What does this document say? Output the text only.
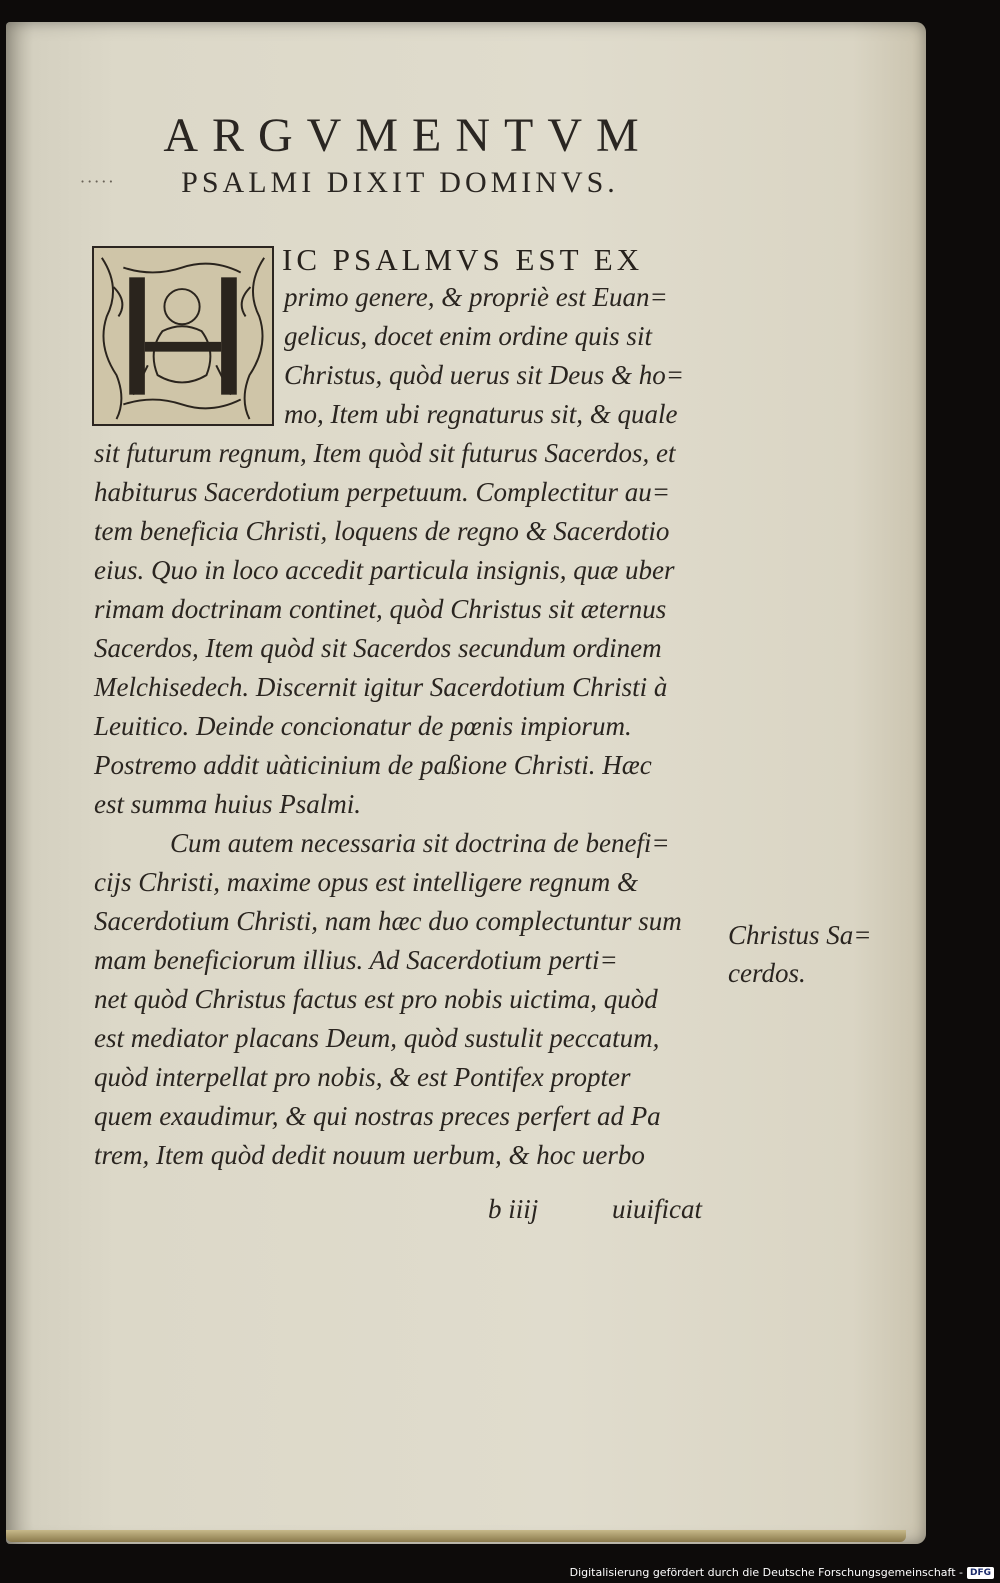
·····
ARGVMENTVM
PSALMI DIXIT DOMINVS.
H
IC PSALMVS EST EX
primo genere, & propriè est Euan=
gelicus, docet enim ordine quis sit
Christus, quòd uerus sit Deus & ho=
mo, Item ubi regnaturus sit, & quale
sit futurum regnum, Item quòd sit futurus Sacerdos, et
habiturus Sacerdotium perpetuum. Complectitur au=
tem beneficia Christi, loquens de regno & Sacerdotio
eius. Quo in loco accedit particula insignis, quæ uber
rimam doctrinam continet, quòd Christus sit æternus
Sacerdos, Item quòd sit Sacerdos secundum ordinem
Melchisedech. Discernit igitur Sacerdotium Christi à
Leuitico. Deinde concionatur de pœnis impiorum.
Postremo addit uàticinium de paßione Christi. Hæc
est summa huius Psalmi.
Cum autem necessaria sit doctrina de benefi=
cijs Christi, maxime opus est intelligere regnum &
Sacerdotium Christi, nam hæc duo complectuntur sum
mam beneficiorum illius. Ad Sacerdotium perti=
net quòd Christus factus est pro nobis uictima, quòd
est mediator placans Deum, quòd sustulit peccatum,
quòd interpellat pro nobis, & est Pontifex propter
quem exaudimur, & qui nostras preces perfert ad Pa
trem, Item quòd dedit nouum uerbum, & hoc uerbo
Christus Sa=
cerdos.
b iiij	uiuificat
Digitalisierung gefördert durch die Deutsche Forschungsgemeinschaft - DFG
